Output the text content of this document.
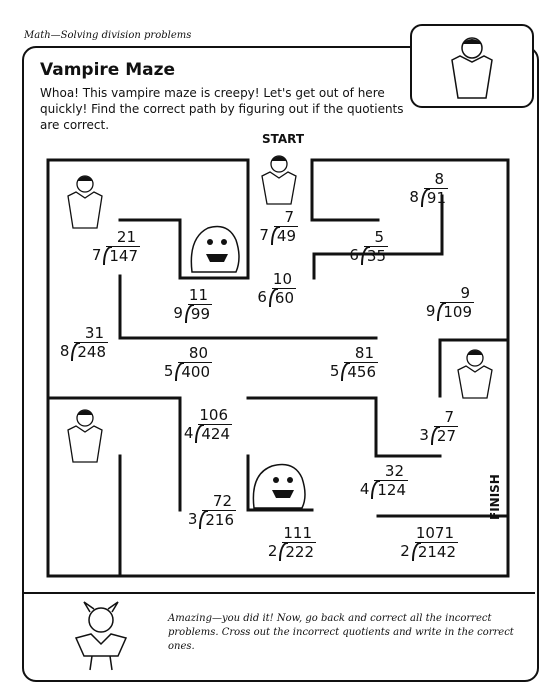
Math—Solving division problems
Vampire Maze
Whoa! This vampire maze is creepy! Let's get out of here quickly! Find the correct path by figuring out if the quotients are correct.
START
8
8 91
21
7 147
7
7 49	5
6 35
10
6 60
11
9 99
9
9 109
31
8 248	80
5 400
81
5 456
106
4 424
7
3 27
32
4 124
72
3 216
111
2 222
1071
2 2142
FINISH
Amazing—you did it! Now, go back and correct all the incorrect problems. Cross out the incorrect quotients and write in the correct ones.
